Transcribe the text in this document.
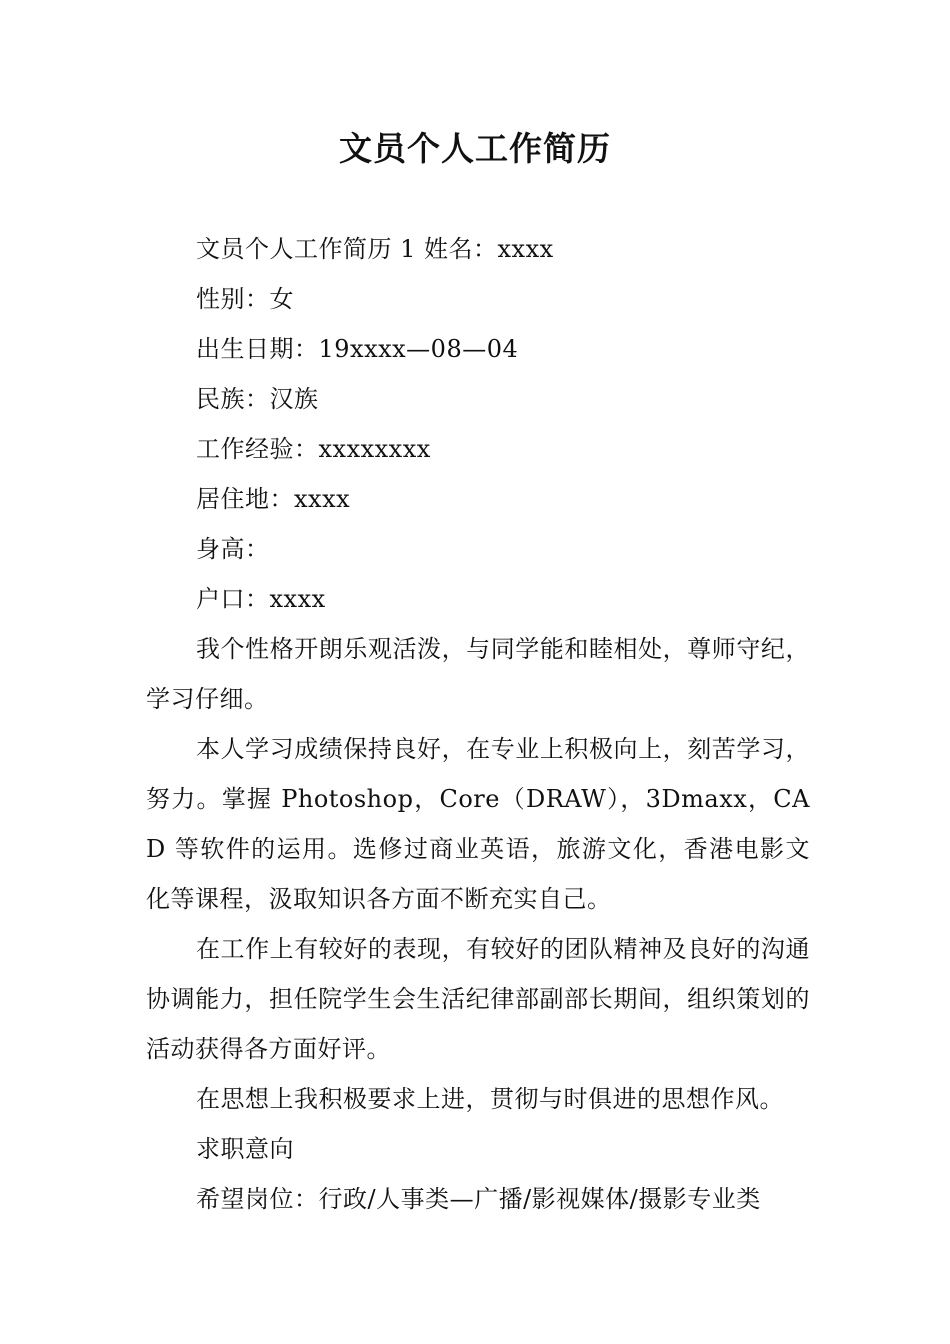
文员个人工作简历

文员个人工作简历 1 姓名：xxxx

性别：女

出生日期：19xxxx—08—04

民族：汉族

工作经验：xxxxxxxx

居住地：xxxx

身高：

户口：xxxx

我个性格开朗乐观活泼，与同学能和睦相处，尊师守纪，学习仔细。

本人学习成绩保持良好，在专业上积极向上，刻苦学习，努力。掌握 Photoshop，Core（DRAW），3Dmaxx，CAD 等软件的运用。选修过商业英语，旅游文化，香港电影文化等课程，汲取知识各方面不断充实自己。

在工作上有较好的表现，有较好的团队精神及良好的沟通协调能力，担任院学生会生活纪律部副部长期间，组织策划的活动获得各方面好评。

在思想上我积极要求上进，贯彻与时俱进的思想作风。

求职意向

希望岗位：行政/人事类—广播/影视媒体/摄影专业类
